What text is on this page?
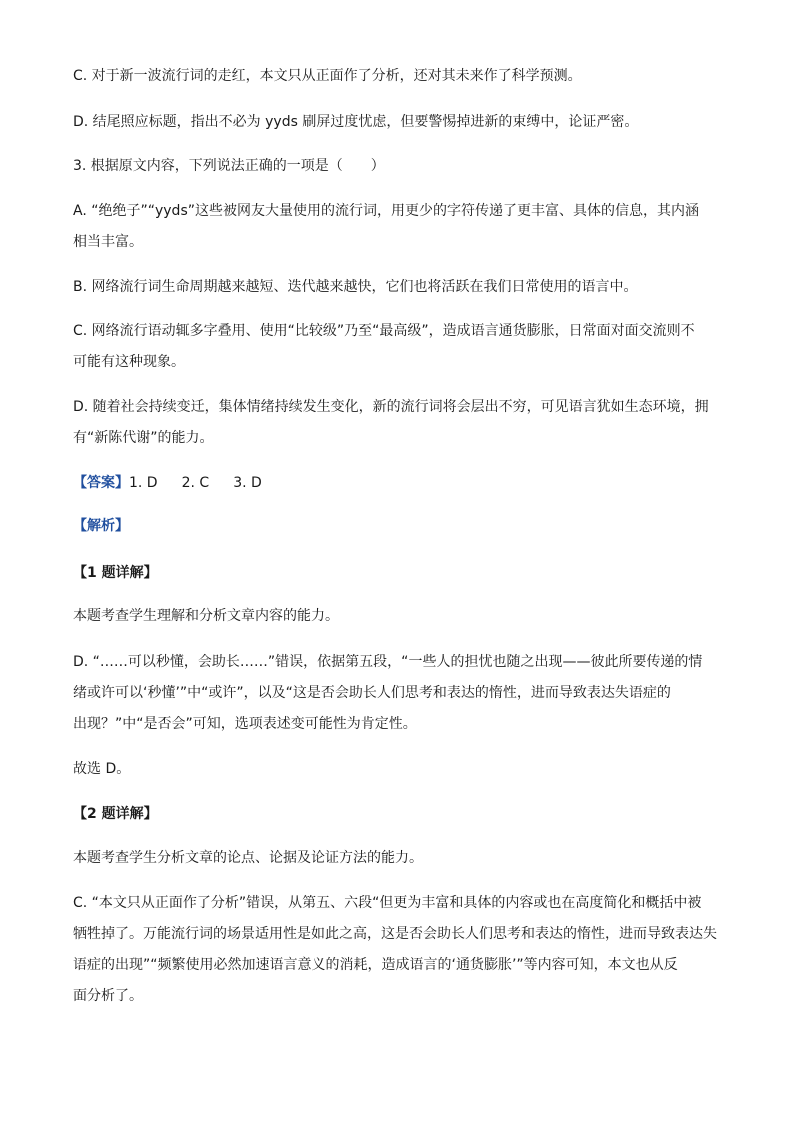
C. 对于新一波流行词的走红，本文只从正面作了分析，还对其未来作了科学预测。
D. 结尾照应标题，指出不必为 yyds 刷屏过度忧虑，但要警惕掉进新的束缚中，论证严密。
3. 根据原文内容，下列说法正确的一项是（　　）
A. “绝绝子”“yyds”这些被网友大量使用的流行词，用更少的字符传递了更丰富、具体的信息，其内涵
相当丰富。
B. 网络流行词生命周期越来越短、迭代越来越快，它们也将活跃在我们日常使用的语言中。
C. 网络流行语动辄多字叠用、使用“比较级”乃至“最高级”，造成语言通货膨胀，日常面对面交流则不
可能有这种现象。
D. 随着社会持续变迁，集体情绪持续发生变化，新的流行词将会层出不穷，可见语言犹如生态环境，拥
有“新陈代谢”的能力。
【答案】1. D 2. C 3. D
【解析】
【1 题详解】
本题考查学生理解和分析文章内容的能力。
D. “……可以秒懂，会助长……”错误，依据第五段，“一些人的担忧也随之出现——彼此所要传递的情
绪或许可以‘秒懂’”中“或许”，以及“这是否会助长人们思考和表达的惰性，进而导致表达失语症的
出现？”中“是否会”可知，选项表述变可能性为肯定性。
故选 D。
【2 题详解】
本题考查学生分析文章的论点、论据及论证方法的能力。
C. “本文只从正面作了分析”错误，从第五、六段“但更为丰富和具体的内容或也在高度简化和概括中被
牺牲掉了。万能流行词的场景适用性是如此之高，这是否会助长人们思考和表达的惰性，进而导致表达失
语症的出现”“频繁使用必然加速语言意义的消耗，造成语言的‘通货膨胀’”等内容可知，本文也从反
面分析了。
